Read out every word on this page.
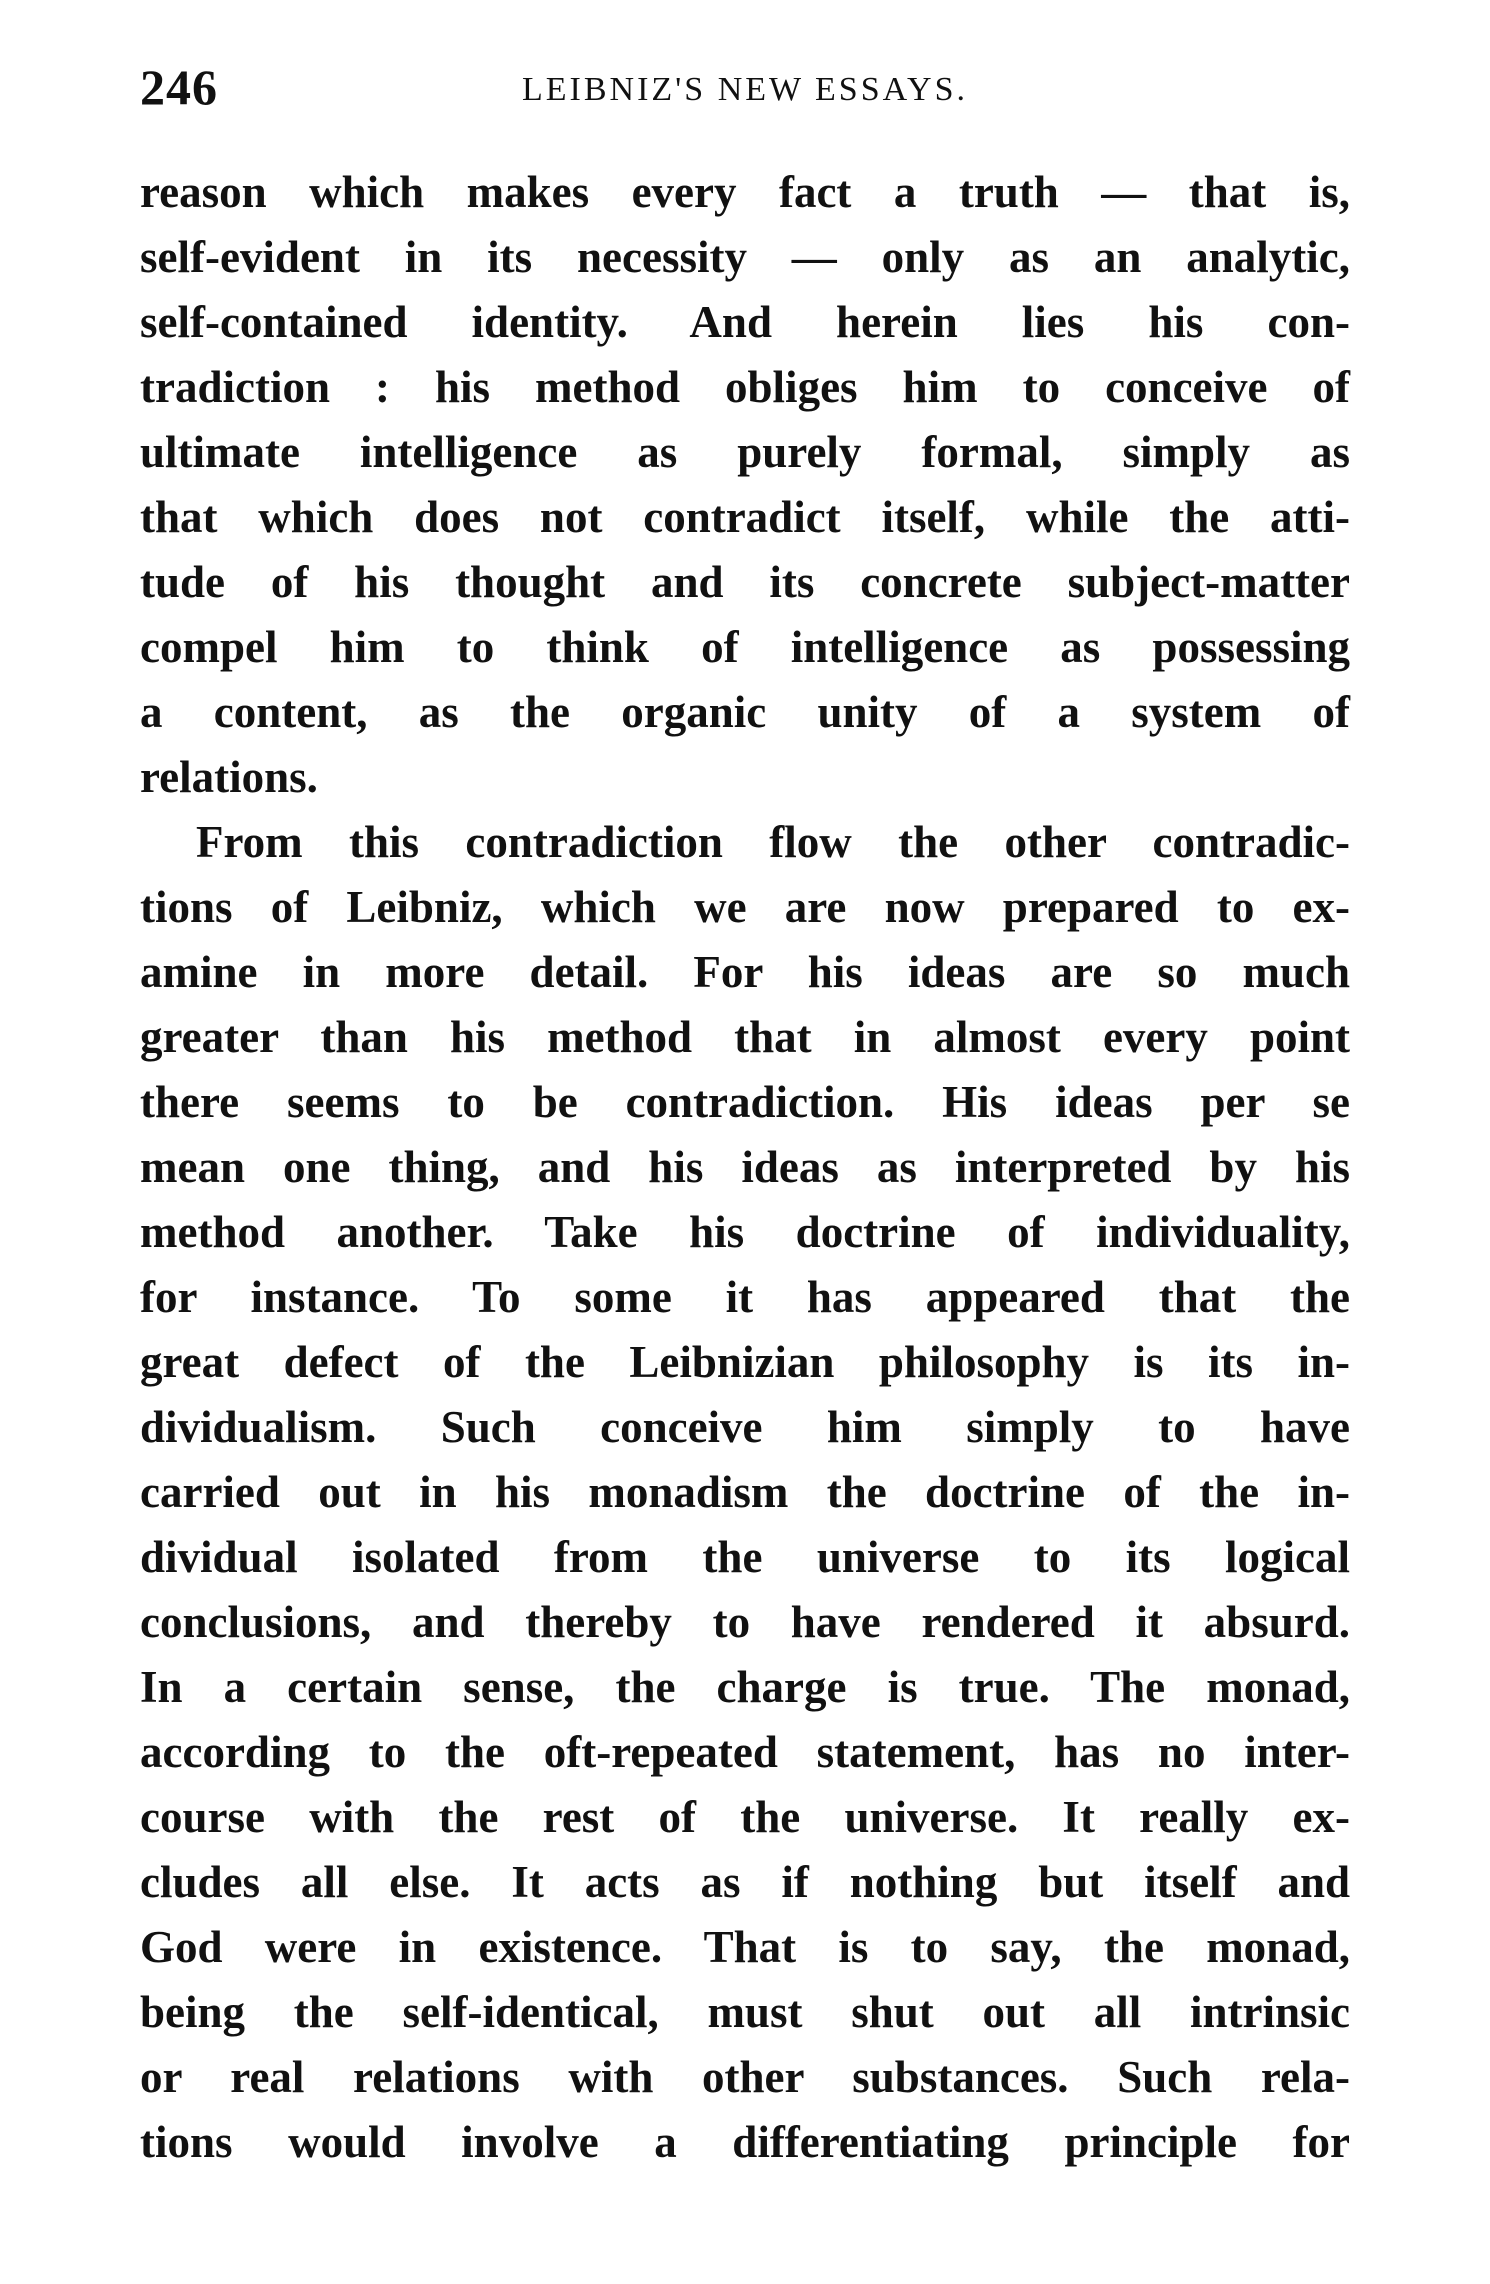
246	LEIBNIZ'S NEW ESSAYS.
reason which makes every fact a truth — that is,
self-evident in its necessity — only as an analytic,
self-contained identity. And herein lies his con-
tradiction : his method obliges him to conceive of
ultimate intelligence as purely formal, simply as
that which does not contradict itself, while the atti-
tude of his thought and its concrete subject-matter
compel him to think of intelligence as possessing
a content, as the organic unity of a system of
relations.
From this contradiction flow the other contradic-
tions of Leibniz, which we are now prepared to ex-
amine in more detail. For his ideas are so much
greater than his method that in almost every point
there seems to be contradiction. His ideas per se
mean one thing, and his ideas as interpreted by his
method another. Take his doctrine of individuality,
for instance. To some it has appeared that the
great defect of the Leibnizian philosophy is its in-
dividualism. Such conceive him simply to have
carried out in his monadism the doctrine of the in-
dividual isolated from the universe to its logical
conclusions, and thereby to have rendered it absurd.
In a certain sense, the charge is true. The monad,
according to the oft-repeated statement, has no inter-
course with the rest of the universe. It really ex-
cludes all else. It acts as if nothing but itself and
God were in existence. That is to say, the monad,
being the self-identical, must shut out all intrinsic
or real relations with other substances. Such rela-
tions would involve a differentiating principle for
